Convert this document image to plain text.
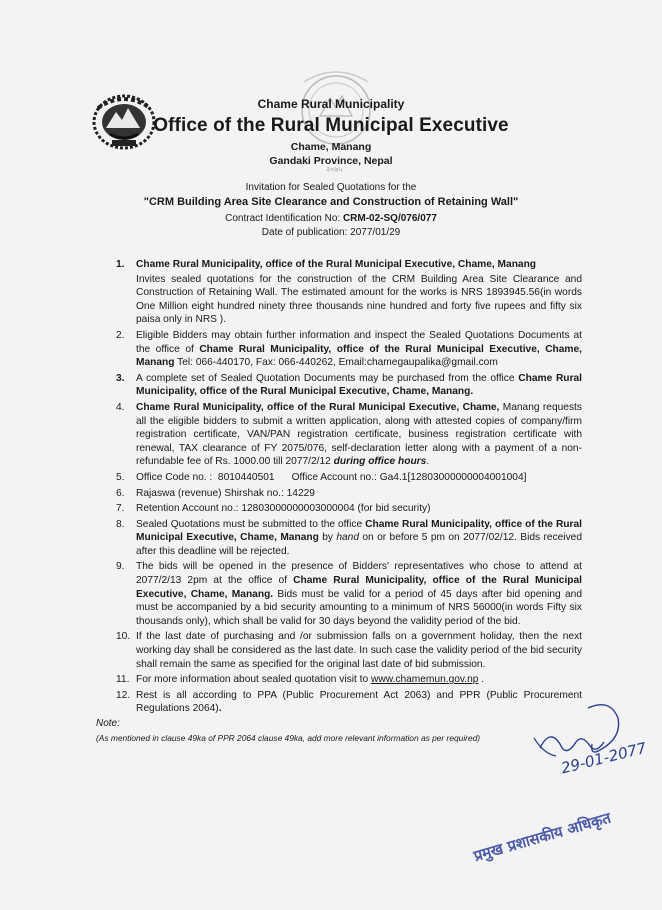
२०७५
Chame Rural Municipality
Office of the Rural Municipal Executive
Chame, Manang
Gandaki Province, Nepal
Invitation for Sealed Quotations for the
"CRM Building Area Site Clearance and Construction of Retaining Wall"
Contract Identification No: CRM-02-SQ/076/077
Date of publication: 2077/01/29
1.	Chame Rural Municipality, office of the Rural Municipal Executive, Chame, Manang
Invites sealed quotations for the construction of the CRM Building Area Site Clearance and Construction of Retaining Wall. The estimated amount for the works is NRS 1893945.56(in words One Million eight hundred ninety three thousands nine hundred and forty five rupees and fifty six paisa only in NRS ).
2.	Eligible Bidders may obtain further information and inspect the Sealed Quotations Documents at the office of Chame Rural Municipality, office of the Rural Municipal Executive, Chame, Manang Tel: 066-440170, Fax: 066-440262, Email:chamegaupalika@gmail.com
3.	A complete set of Sealed Quotation Documents may be purchased from the office Chame Rural Municipality, office of the Rural Municipal Executive, Chame, Manang.
4.	Chame Rural Municipality, office of the Rural Municipal Executive, Chame, Manang requests all the eligible bidders to submit a written application, along with attested copies of company/firm registration certificate, VAN/PAN registration certificate, business registration certificate with renewal, TAX clearance of FY 2075/076, self-declaration letter along with a payment of a non-refundable fee of Rs. 1000.00 till 2077/2/12 during office hours.
5.	Office Code no. :  8010440501      Office Account no.: Ga4.1[12803000000004001004]
6.	Rajaswa (revenue) Shirshak no.: 14229
7.	Retention Account no.: 12803000000003000004 (for bid security)
8.	Sealed Quotations must be submitted to the office Chame Rural Municipality, office of the Rural Municipal Executive, Chame, Manang by hand on or before 5 pm on 2077/02/12. Bids received after this deadline will be rejected.
9.	The bids will be opened in the presence of Bidders' representatives who chose to attend at 2077/2/13 2pm at the office of Chame Rural Municipality, office of the Rural Municipal Executive, Chame, Manang. Bids must be valid for a period of 45 days after bid opening and must be accompanied by a bid security amounting to a minimum of NRS 56000(in words Fifty six thousands only), which shall be valid for 30 days beyond the validity period of the bid.
10. If the last date of purchasing and /or submission falls on a government holiday, then the next working day shall be considered as the last date. In such case the validity period of the bid security shall remain the same as specified for the original last date of bid submission.
11. For more information about sealed quotation visit to www.chamemun.gov.np .
12. Rest is all according to PPA (Public Procurement Act 2063) and PPR (Public Procurement Regulations 2064).
Note:
(As mentioned in clause 49ka of PPR 2064 clause 49ka, add more relevant information as per required)
29-01-2077
प्रमुख प्रशासकीय अधिकृत
